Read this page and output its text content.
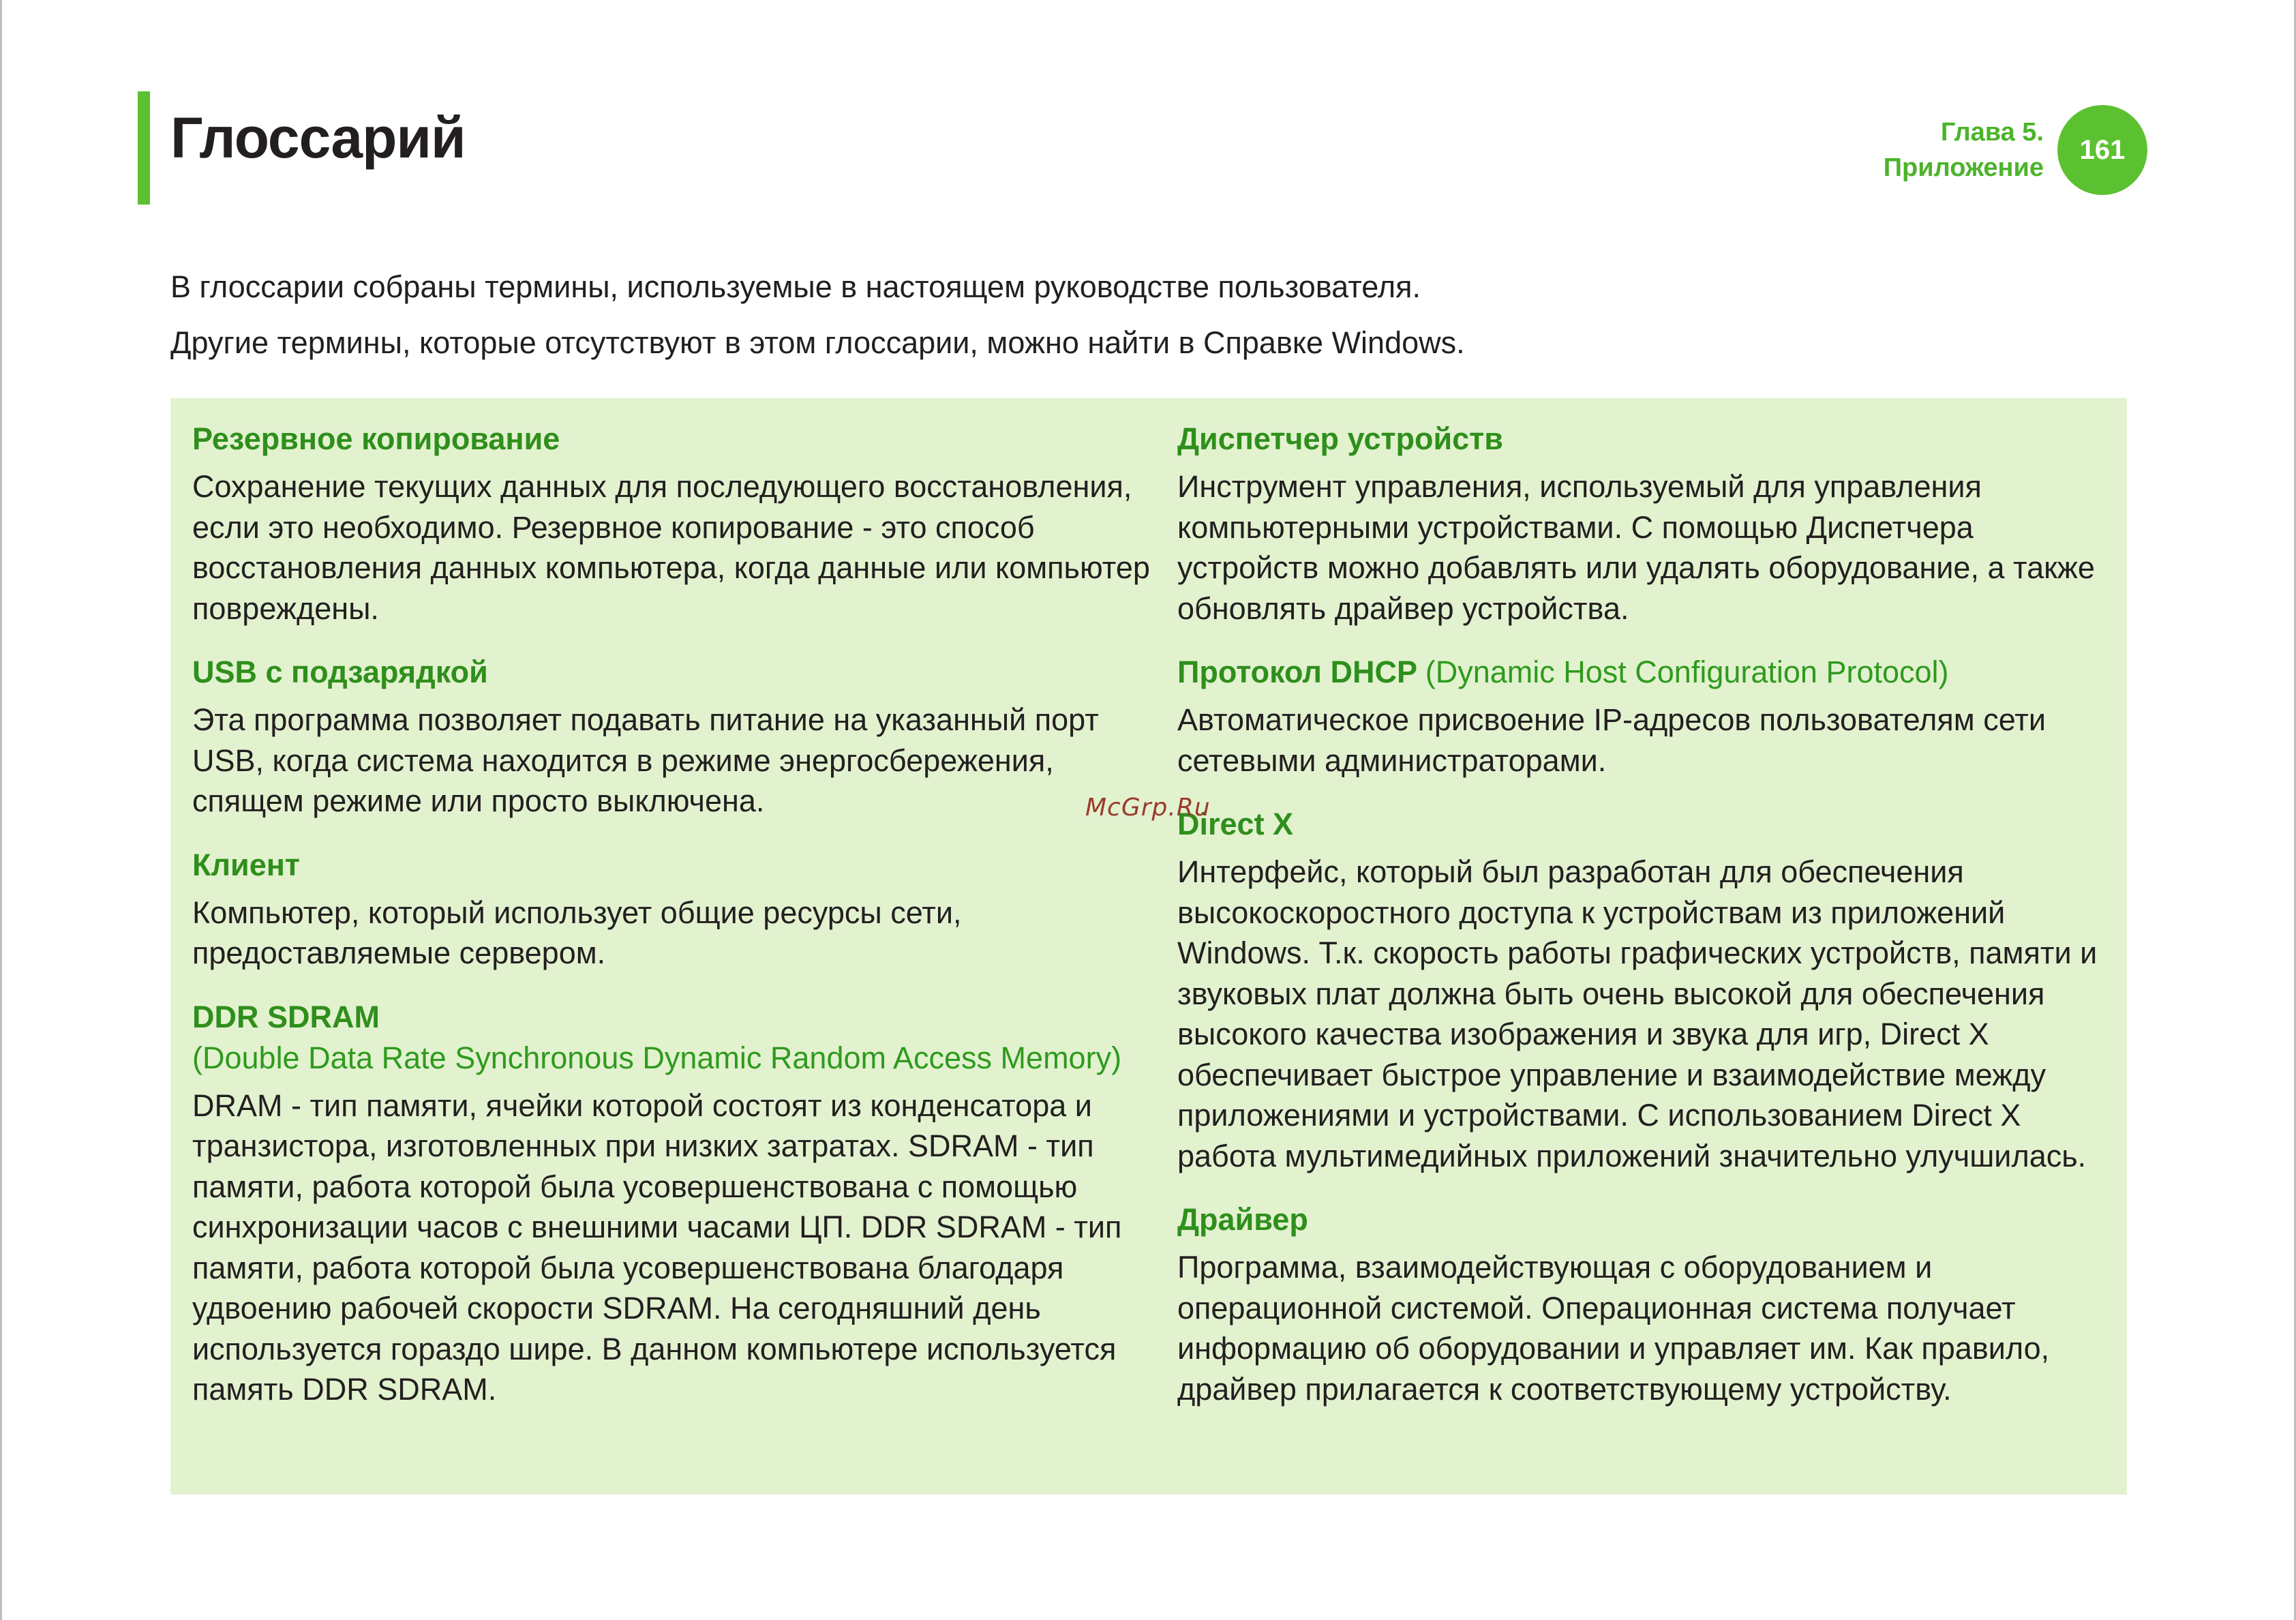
Глоссарий	Глава 5.
Приложение
161

В глоссарии собраны термины, используемые в настоящем руководстве пользователя.

Другие термины, которые отсутствуют в этом глоссарии, можно найти в Справке Windows.

Резервное копирование

Сохранение текущих данных для последующего восстановления, если это необходимо. Резервное копирование - это способ восстановления данных компьютера, когда данные или компьютер повреждены.

USB с подзарядкой

Эта программа позволяет подавать питание на указанный порт USB, когда система находится в режиме энергосбережения, спящем режиме или просто выключена.

Клиент

Компьютер, который использует общие ресурсы сети, предоставляемые сервером.

DDR SDRAM
(Double Data Rate Synchronous Dynamic Random Access Memory)

DRAM - тип памяти, ячейки которой состоят из конденсатора и транзистора, изготовленных при низких затратах. SDRAM - тип памяти, работа которой была усовершенствована с помощью синхронизации часов с внешними часами ЦП. DDR SDRAM - тип памяти, работа которой была усовершенствована благодаря удвоению рабочей скорости SDRAM. На сегодняшний день используется гораздо шире. В данном компьютере используется память DDR SDRAM.

Диспетчер устройств

Инструмент управления, используемый для управления компьютерными устройствами. С помощью Диспетчера устройств можно добавлять или удалять оборудование, а также обновлять драйвер устройства.

Протокол DHCP (Dynamic Host Configuration Protocol)

Автоматическое присвоение IP-адресов пользователям сети сетевыми администраторами.

Direct X

Интерфейс, который был разработан для обеспечения высокоскоростного доступа к устройствам из приложений Windows. Т.к. скорость работы графических устройств, памяти и звуковых плат должна быть очень высокой для обеспечения высокого качества изображения и звука для игр, Direct X обеспечивает быстрое управление и взаимодействие между приложениями и устройствами. С использованием Direct X работа мультимедийных приложений значительно улучшилась.

Драйвер

Программа, взаимодействующая с оборудованием и операционной системой. Операционная система получает информацию об оборудовании и управляет им. Как правило, драйвер прилагается к соответствующему устройству.

McGrp.Ru
